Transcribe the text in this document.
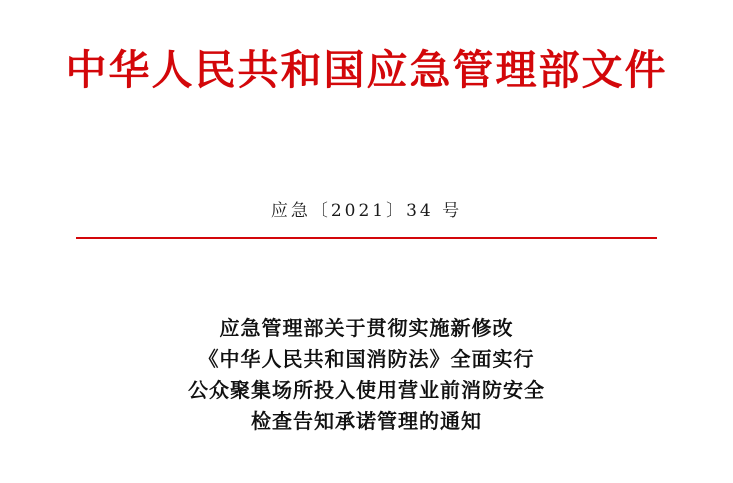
中华人民共和国应急管理部文件
应急〔2021〕34 号
应急管理部关于贯彻实施新修改
《中华人民共和国消防法》全面实行
公众聚集场所投入使用营业前消防安全
检查告知承诺管理的通知
